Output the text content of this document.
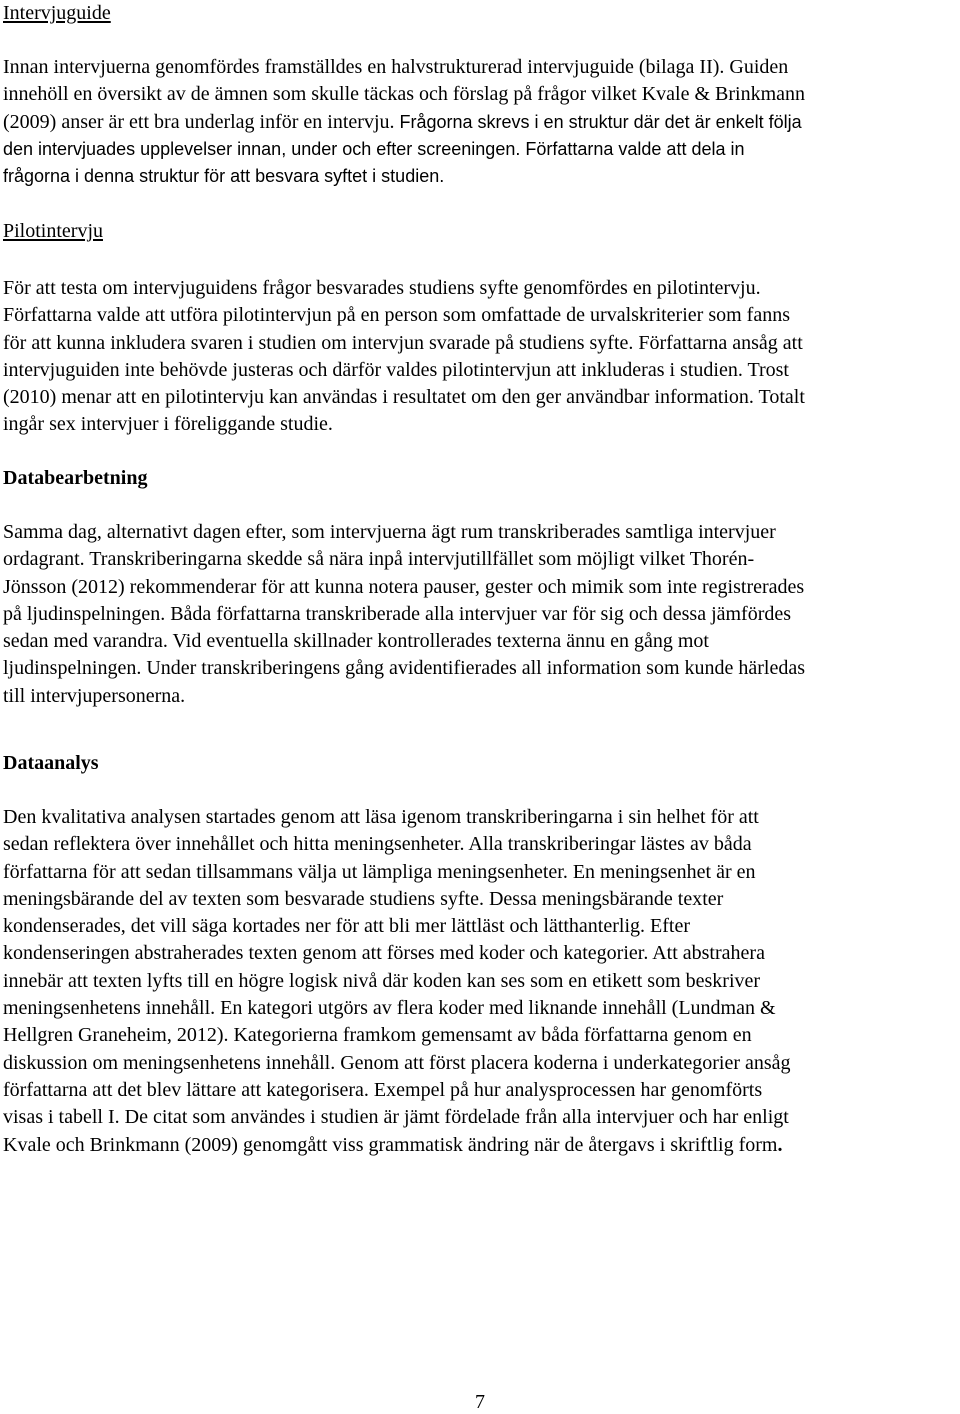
Intervjuguide
Innan intervjuerna genomfördes framställdes en halvstrukturerad intervjuguide (bilaga II). Guiden
innehöll en översikt av de ämnen som skulle täckas och förslag på frågor vilket Kvale & Brinkmann
(2009) anser är ett bra underlag inför en intervju. Frågorna skrevs i en struktur där det är enkelt följa
den intervjuades upplevelser innan, under och efter screeningen. Författarna valde att dela in
frågorna i denna struktur för att besvara syftet i studien.
Pilotintervju
För att testa om intervjuguidens frågor besvarades studiens syfte genomfördes en pilotintervju.
Författarna valde att utföra pilotintervjun på en person som omfattade de urvalskriterier som fanns
för att kunna inkludera svaren i studien om intervjun svarade på studiens syfte. Författarna ansåg att
intervjuguiden inte behövde justeras och därför valdes pilotintervjun att inkluderas i studien. Trost
(2010) menar att en pilotintervju kan användas i resultatet om den ger användbar information. Totalt
ingår sex intervjuer i föreliggande studie.
Databearbetning
Samma dag, alternativt dagen efter, som intervjuerna ägt rum transkriberades samtliga intervjuer
ordagrant. Transkriberingarna skedde så nära inpå intervjutillfället som möjligt vilket Thorén-
Jönsson (2012) rekommenderar för att kunna notera pauser, gester och mimik som inte registrerades
på ljudinspelningen. Båda författarna transkriberade alla intervjuer var för sig och dessa jämfördes
sedan med varandra. Vid eventuella skillnader kontrollerades texterna ännu en gång mot
ljudinspelningen. Under transkriberingens gång avidentifierades all information som kunde härledas
till intervjupersonerna.
Dataanalys
Den kvalitativa analysen startades genom att läsa igenom transkriberingarna i sin helhet för att
sedan reflektera över innehållet och hitta meningsenheter. Alla transkriberingar lästes av båda
författarna för att sedan tillsammans välja ut lämpliga meningsenheter. En meningsenhet är en
meningsbärande del av texten som besvarade studiens syfte. Dessa meningsbärande texter
kondenserades, det vill säga kortades ner för att bli mer lättläst och lätthanterlig. Efter
kondenseringen abstraherades texten genom att förses med koder och kategorier. Att abstrahera
innebär att texten lyfts till en högre logisk nivå där koden kan ses som en etikett som beskriver
meningsenhetens innehåll. En kategori utgörs av flera koder med liknande innehåll (Lundman &
Hellgren Graneheim, 2012). Kategorierna framkom gemensamt av båda författarna genom en
diskussion om meningsenhetens innehåll. Genom att först placera koderna i underkategorier ansåg
författarna att det blev lättare att kategorisera. Exempel på hur analysprocessen har genomförts
visas i tabell I. De citat som användes i studien är jämt fördelade från alla intervjuer och har enligt
Kvale och Brinkmann (2009) genomgått viss grammatisk ändring när de återgavs i skriftlig form.
7
